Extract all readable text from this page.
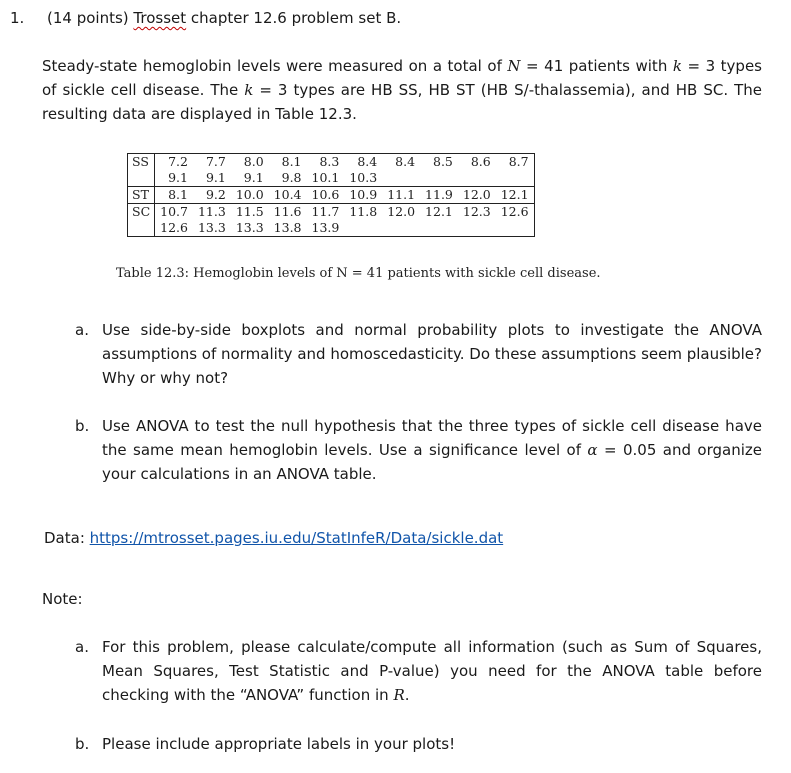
1. (14 points) Trosset chapter 12.6 problem set B.
Steady-state hemoglobin levels were measured on a total of N = 41 patients with k = 3 types of sickle cell disease. The k = 3 types are HB SS, HB ST (HB S/-thalassemia), and HB SC. The resulting data are displayed in Table 12.3.
SS	7.2	7.7	8.0	8.1	8.3	8.4	8.4	8.5	8.6	8.7
	9.1	9.1	9.1	9.8	10.1	10.3				
ST	8.1	9.2	10.0	10.4	10.6	10.9	11.1	11.9	12.0	12.1
SC	10.7	11.3	11.5	11.6	11.7	11.8	12.0	12.1	12.3	12.6
	12.6	13.3	13.3	13.8	13.9					
Table 12.3: Hemoglobin levels of N = 41 patients with sickle cell disease.
a. Use side-by-side boxplots and normal probability plots to investigate the ANOVA assumptions of normality and homoscedasticity. Do these assumptions seem plausible? Why or why not?
b. Use ANOVA to test the null hypothesis that the three types of sickle cell disease have the same mean hemoglobin levels. Use a significance level of α = 0.05 and organize your calculations in an ANOVA table.
Data: https://mtrosset.pages.iu.edu/StatInfeR/Data/sickle.dat
Note:
a. For this problem, please calculate/compute all information (such as Sum of Squares, Mean Squares, Test Statistic and P-value) you need for the ANOVA table before checking with the “ANOVA” function in R.
b. Please include appropriate labels in your plots!
